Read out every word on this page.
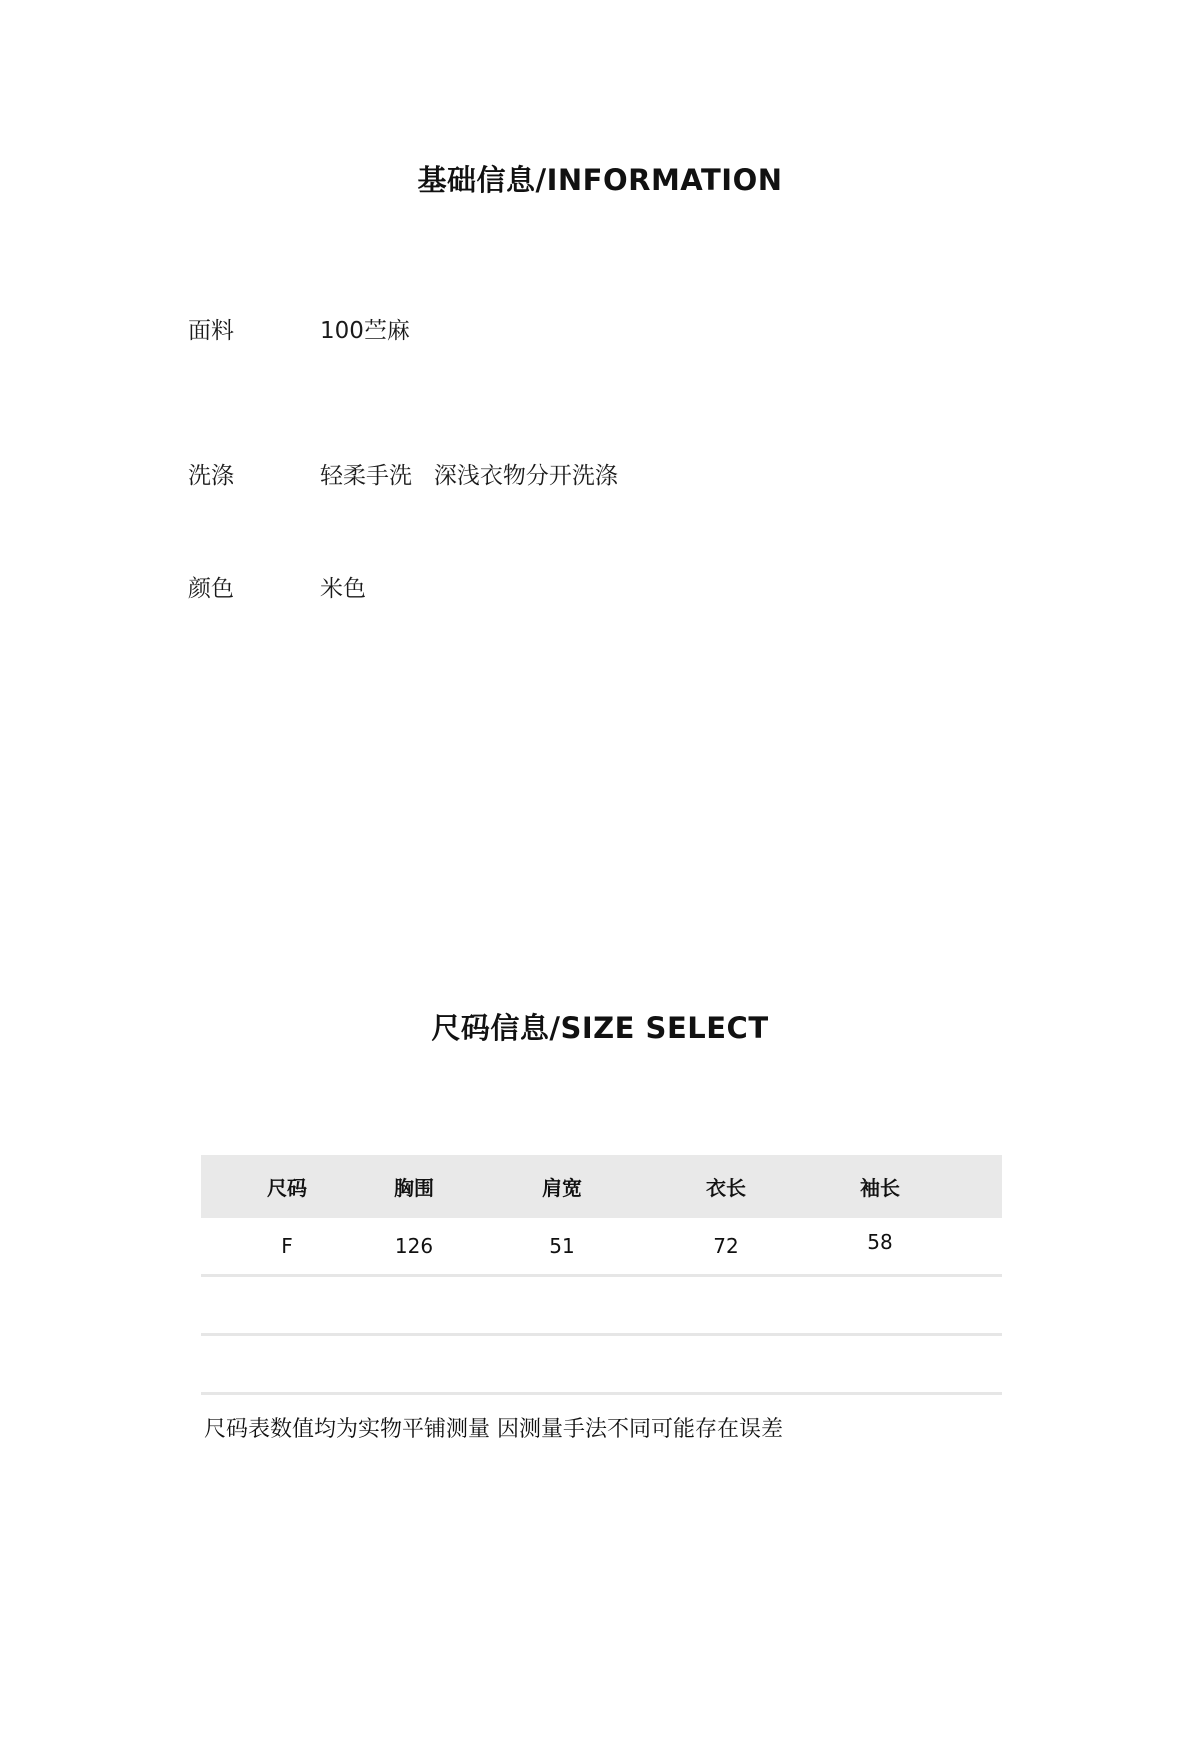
基础信息/INFORMATION
面料	100苎麻
洗涤	轻柔手洗   深浅衣物分开洗涤
颜色	米色
尺码信息/SIZE SELECT
尺码	胸围	肩宽	衣长	袖长
F	126	51	72	58
尺码表数值均为实物平铺测量 因测量手法不同可能存在误差
